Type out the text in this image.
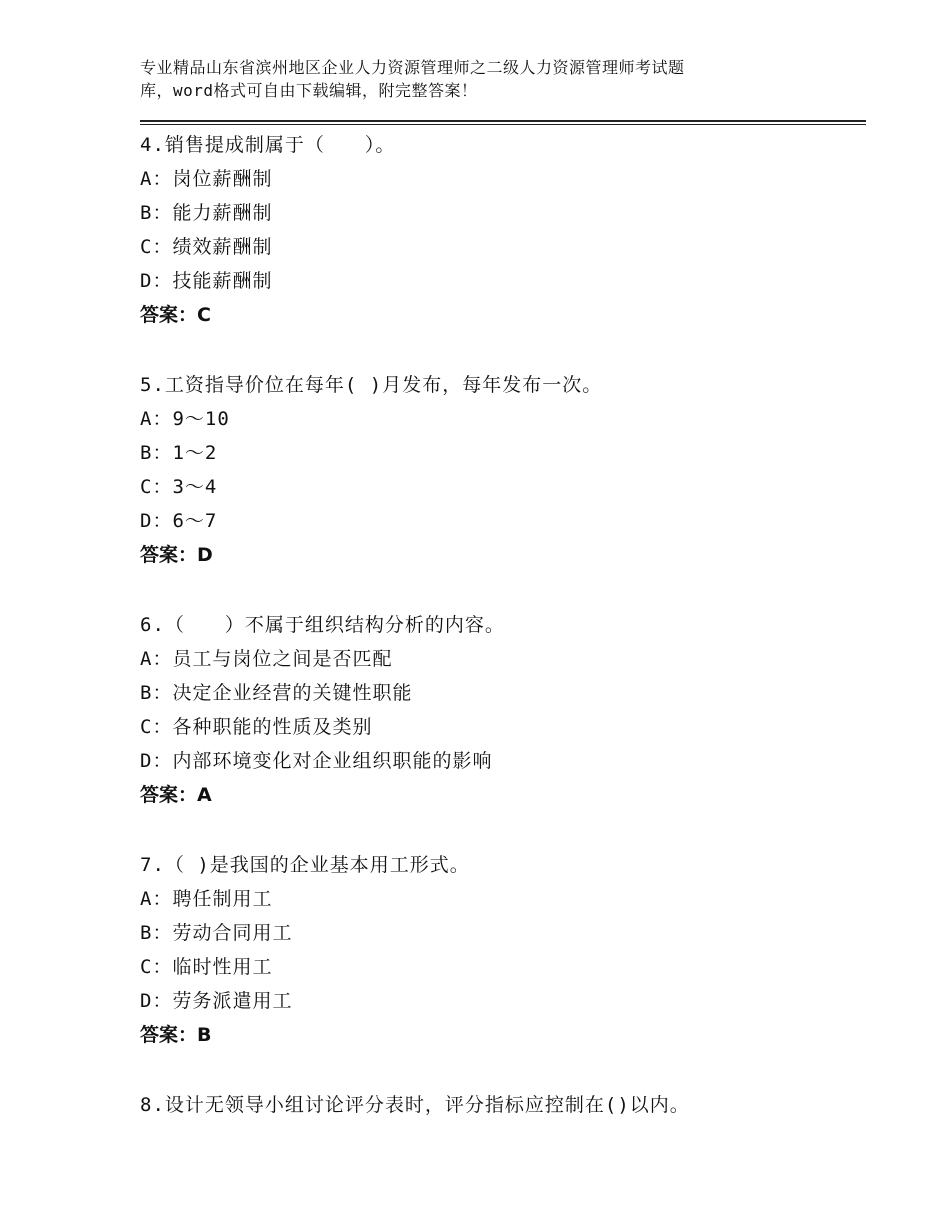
专业精品山东省滨州地区企业人力资源管理师之二级人力资源管理师考试题
库，word格式可自由下载编辑，附完整答案！
4.销售提成制属于（　　）。
A：岗位薪酬制
B：能力薪酬制
C：绩效薪酬制
D：技能薪酬制
答案：C
5.工资指导价位在每年( )月发布，每年发布一次。
A：9～10
B：1～2
C：3～4
D：6～7
答案：D
6.（　　）不属于组织结构分析的内容。
A：员工与岗位之间是否匹配
B：决定企业经营的关键性职能
C：各种职能的性质及类别
D：内部环境变化对企业组织职能的影响
答案：A
7.（ )是我国的企业基本用工形式。
A：聘任制用工
B：劳动合同用工
C：临时性用工
D：劳务派遣用工
答案：B
8.设计无领导小组讨论评分表时，评分指标应控制在()以内。
